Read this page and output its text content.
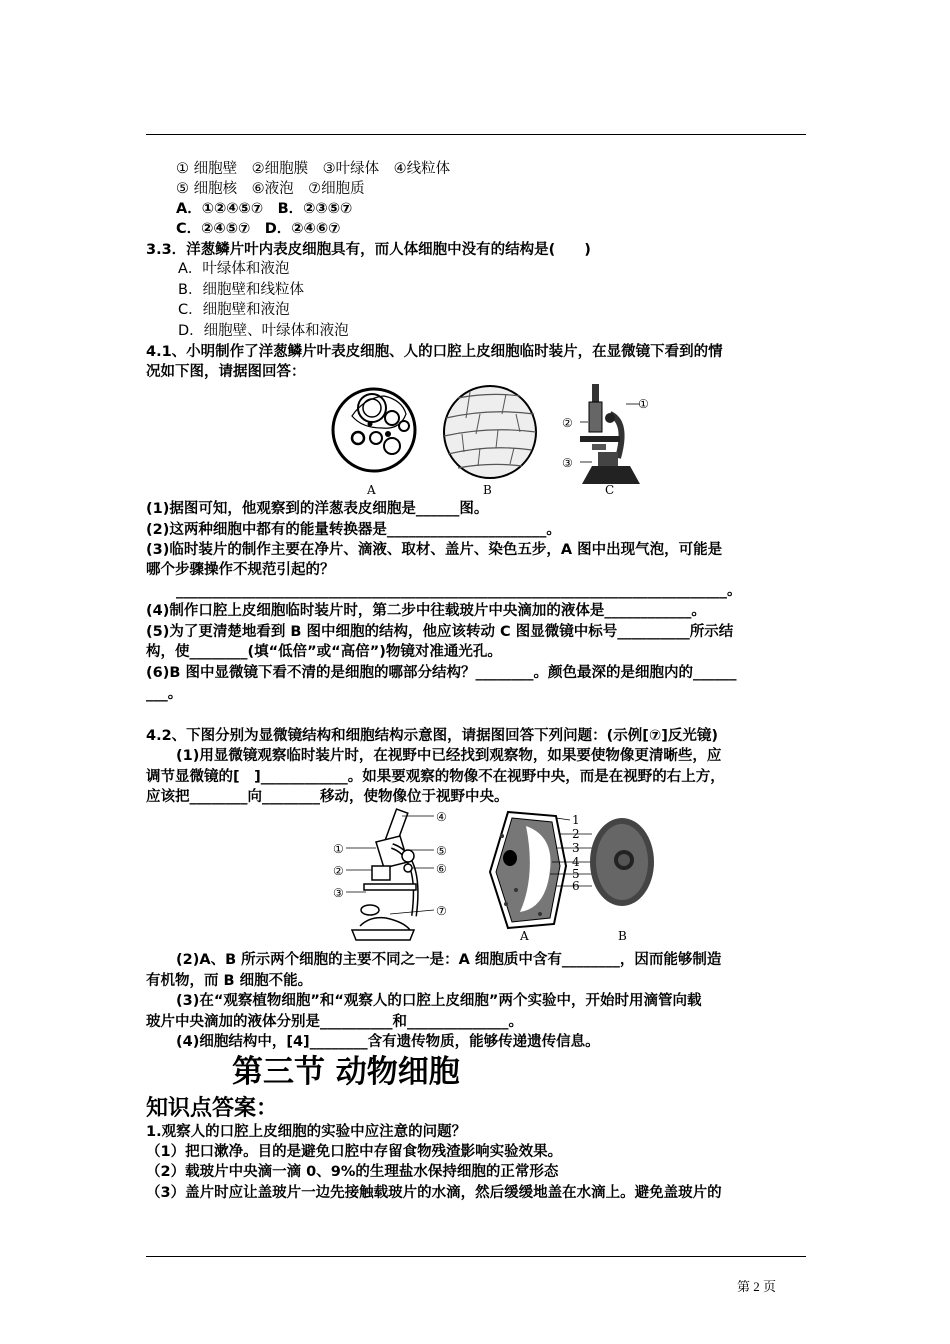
① 细胞壁　②细胞膜　③叶绿体　④线粒体
⑤ 细胞核　⑥液泡　⑦细胞质
A．①②④⑤⑦　B．②③⑤⑦
C．②④⑤⑦　D．②④⑥⑦
3.3．洋葱鳞片叶内表皮细胞具有，而人体细胞中没有的结构是(　　)
A．叶绿体和液泡
B．细胞壁和线粒体
C．细胞壁和液泡
D．细胞壁、叶绿体和液泡
4.1、小明制作了洋葱鳞片叶表皮细胞、人的口腔上皮细胞临时装片，在显微镜下看到的情
况如下图，请据图回答：
A	B
①
②
③
C
(1)据图可知，他观察到的洋葱表皮细胞是______图。
(2)这两种细胞中都有的能量转换器是______________________。
(3)临时装片的制作主要在净片、滴液、取材、盖片、染色五步，A 图中出现气泡，可能是
哪个步骤操作不规范引起的？
____________________________________________________________________________。
(4)制作口腔上皮细胞临时装片时，第二步中往载玻片中央滴加的液体是____________。
(5)为了更清楚地看到 B 图中细胞的结构，他应该转动 C 图显微镜中标号__________所示结
构，使________(填“低倍”或“高倍”)物镜对准通光孔。
(6)B 图中显微镜下看不清的是细胞的哪部分结构？________。颜色最深的是细胞内的______
___。
4.2、下图分别为显微镜结构和细胞结构示意图，请据图回答下列问题：(示例[⑦]反光镜)
(1)用显微镜观察临时装片时，在视野中已经找到观察物，如果要使物像更清晰些，应
调节显微镜的[　]____________。如果要观察的物像不在视野中央，而是在视野的右上方，
应该把________向________移动，使物像位于视野中央。
①
②
③
④
⑤
⑥
⑦
1
2
3
4
5
6
A	B
(2)A、B 所示两个细胞的主要不同之一是：A 细胞质中含有________，因而能够制造
有机物，而 B 细胞不能。
(3)在“观察植物细胞”和“观察人的口腔上皮细胞”两个实验中，开始时用滴管向载
玻片中央滴加的液体分别是__________和______________。
(4)细胞结构中，[4]________含有遗传物质，能够传递遗传信息。
第三节 动物细胞
知识点答案：
1.观察人的口腔上皮细胞的实验中应注意的问题？
（1）把口漱净。目的是避免口腔中存留食物残渣影响实验效果。
（2）载玻片中央滴一滴 0、9%的生理盐水保持细胞的正常形态
（3）盖片时应让盖玻片一边先接触载玻片的水滴，然后缓缓地盖在水滴上。避免盖玻片的
第 2 页
